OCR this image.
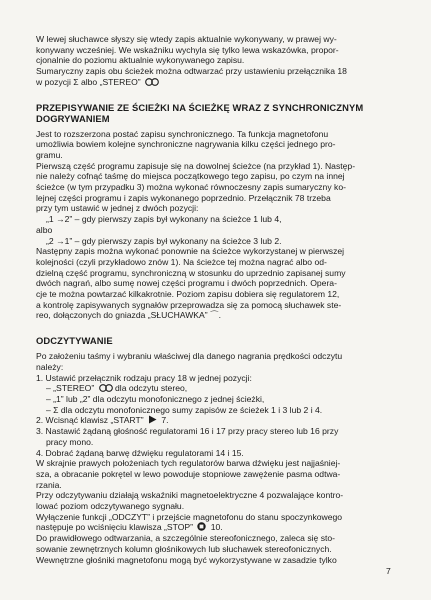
W lewej słuchawce słyszy się wtedy zapis aktualnie wykonywany, w prawej wy-

konywany wcześniej. We wskaźniku wychyla się tylko lewa wskazówka, propor-

cjonalnie do poziomu aktualnie wykonywanego zapisu.

Sumaryczny zapis obu ścieżek można odtwarzać przy ustawieniu przełącznika 18

w pozycji Σ albo „STEREO”

PRZEPISYWANIE ZE ŚCIEŻKI NA ŚCIEŻKĘ WRAZ Z SYNCHRONICZNYM
DOGRYWANIEM

Jest to rozszerzona postać zapisu synchronicznego. Ta funkcja magnetofonu

umożliwia bowiem kolejne synchroniczne nagrywania kilku części jednego pro-

gramu.

Pierwszą część programu zapisuje się na dowolnej ścieżce (na przykład 1). Następ-

nie należy cofnąć taśmę do miejsca początkowego tego zapisu, po czym na innej

ścieżce (w tym przypadku 3) można wykonać równoczesny zapis sumaryczny ko-

lejnej części programu i zapis wykonanego poprzednio. Przełącznik 78 trzeba

przy tym ustawić w jednej z dwóch pozycji:

„1 →2” – gdy pierwszy zapis był wykonany na ścieżce 1 lub 4,

albo

„2 →1” – gdy pierwszy zapis był wykonany na ścieżce 3 lub 2.

Następny zapis można wykonać ponownie na ścieżce wykorzystanej w pierwszej

kolejności (czyli przykładowo znów 1). Na ścieżce tej można nagrać albo od-

dzielną część programu, synchroniczną w stosunku do uprzednio zapisanej sumy

dwóch nagrań, albo sumę nowej części programu i dwóch poprzednich. Opera-

cje te można powtarzać kilkakrotnie. Poziom zapisu dobiera się regulatorem 12,

a kontrolę zapisywanych sygnałów przeprowadza się za pomocą słuchawek ste-

reo, dołączonych do gniazda „SŁUCHAWKA” ⌒.

ODCZYTYWANIE

Po założeniu taśmy i wybraniu właściwej dla danego nagrania prędkości odczytu

należy:

1. Ustawić przełącznik rodzaju pracy 18 w jednej pozycji:
– „STEREO” dla odczytu stereo,
– „1” lub „2” dla odczytu monofonicznego z jednej ścieżki,
– Σ dla odczytu monofonicznego sumy zapisów ze ścieżek 1 i 3 lub 2 i 4.
2. Wcisnąć klawisz „START” 7.
3. Nastawić żądaną głośność regulatorami 16 i 17 przy pracy stereo lub 16 przy
pracy mono.
4. Dobrać żądaną barwę dźwięku regulatorami 14 i 15.

W skrajnie prawych położeniach tych regulatorów barwa dźwięku jest najjaśniej-

sza, a obracanie pokrętel w lewo powoduje stopniowe zawężenie pasma odtwa-

rzania.

Przy odczytywaniu działają wskaźniki magnetoelektryczne 4 pozwalające kontro-

lować poziom odczytywanego sygnału.

Wyłączenie funkcji „ODCZYT” i przejście magnetofonu do stanu spoczynkowego

następuje po wciśnięciu klawisza „STOP” 10.

Do prawidłowego odtwarzania, a szczególnie stereofonicznego, zaleca się sto-

sowanie zewnętrznych kolumn głośnikowych lub słuchawek stereofonicznych.

Wewnętrzne głośniki magnetofonu mogą być wykorzystywane w zasadzie tylko

7
